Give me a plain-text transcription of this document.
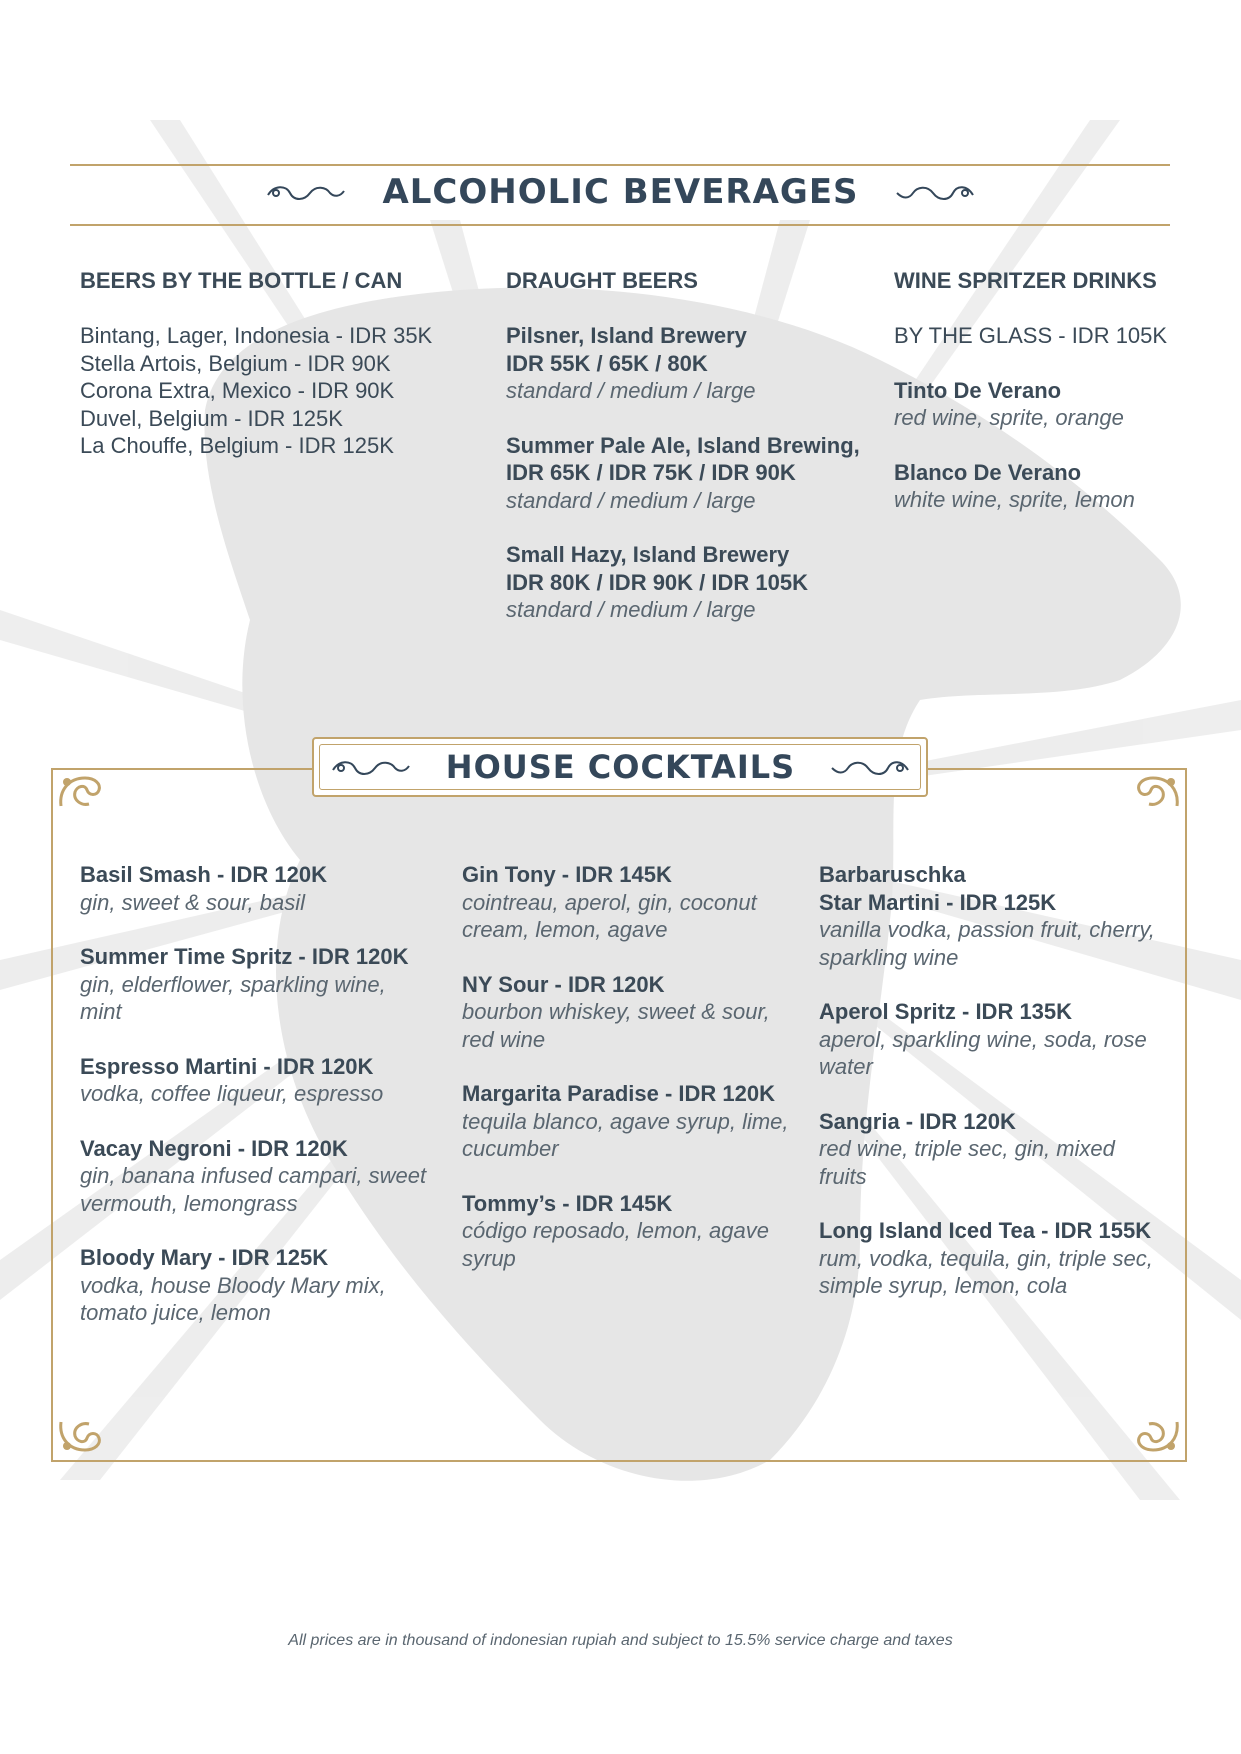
ALCOHOLIC BEVERAGES
BEERS BY THE BOTTLE / CAN
Bintang, Lager, Indonesia - IDR 35K
Stella Artois, Belgium - IDR 90K
Corona Extra, Mexico - IDR 90K
Duvel, Belgium - IDR 125K
La Chouffe, Belgium - IDR 125K
DRAUGHT BEERS
Pilsner, Island Brewery
IDR 55K / 65K / 80K
standard / medium / large
Summer Pale Ale, Island Brewing,
IDR 65K / IDR 75K / IDR 90K
standard / medium / large
Small Hazy, Island Brewery
IDR 80K / IDR 90K / IDR 105K
standard / medium / large
WINE SPRITZER DRINKS
BY THE GLASS - IDR 105K
Tinto De Verano
red wine, sprite, orange
Blanco De Verano
white wine, sprite, lemon
HOUSE COCKTAILS
Basil Smash - IDR 120K
gin, sweet & sour, basil
Summer Time Spritz - IDR 120K
gin, elderflower, sparkling wine, mint
Espresso Martini - IDR 120K
vodka, coffee liqueur, espresso
Vacay Negroni - IDR 120K
gin, banana infused campari, sweet vermouth, lemongrass
Bloody Mary - IDR 125K
vodka, house Bloody Mary mix, tomato juice, lemon
Gin Tony - IDR 145K
cointreau, aperol, gin, coconut cream, lemon, agave
NY Sour - IDR 120K
bourbon whiskey, sweet & sour, red wine
Margarita Paradise - IDR 120K
tequila blanco, agave syrup, lime, cucumber
Tommy’s - IDR 145K
código reposado, lemon, agave syrup
Barbaruschka
Star Martini - IDR 125K
vanilla vodka, passion fruit, cherry, sparkling wine
Aperol Spritz - IDR 135K
aperol, sparkling wine, soda, rose water
Sangria - IDR 120K
red wine, triple sec, gin, mixed fruits
Long Island Iced Tea - IDR 155K
rum, vodka, tequila, gin, triple sec, simple syrup, lemon, cola
All prices are in thousand of indonesian rupiah and subject to 15.5% service charge and taxes
